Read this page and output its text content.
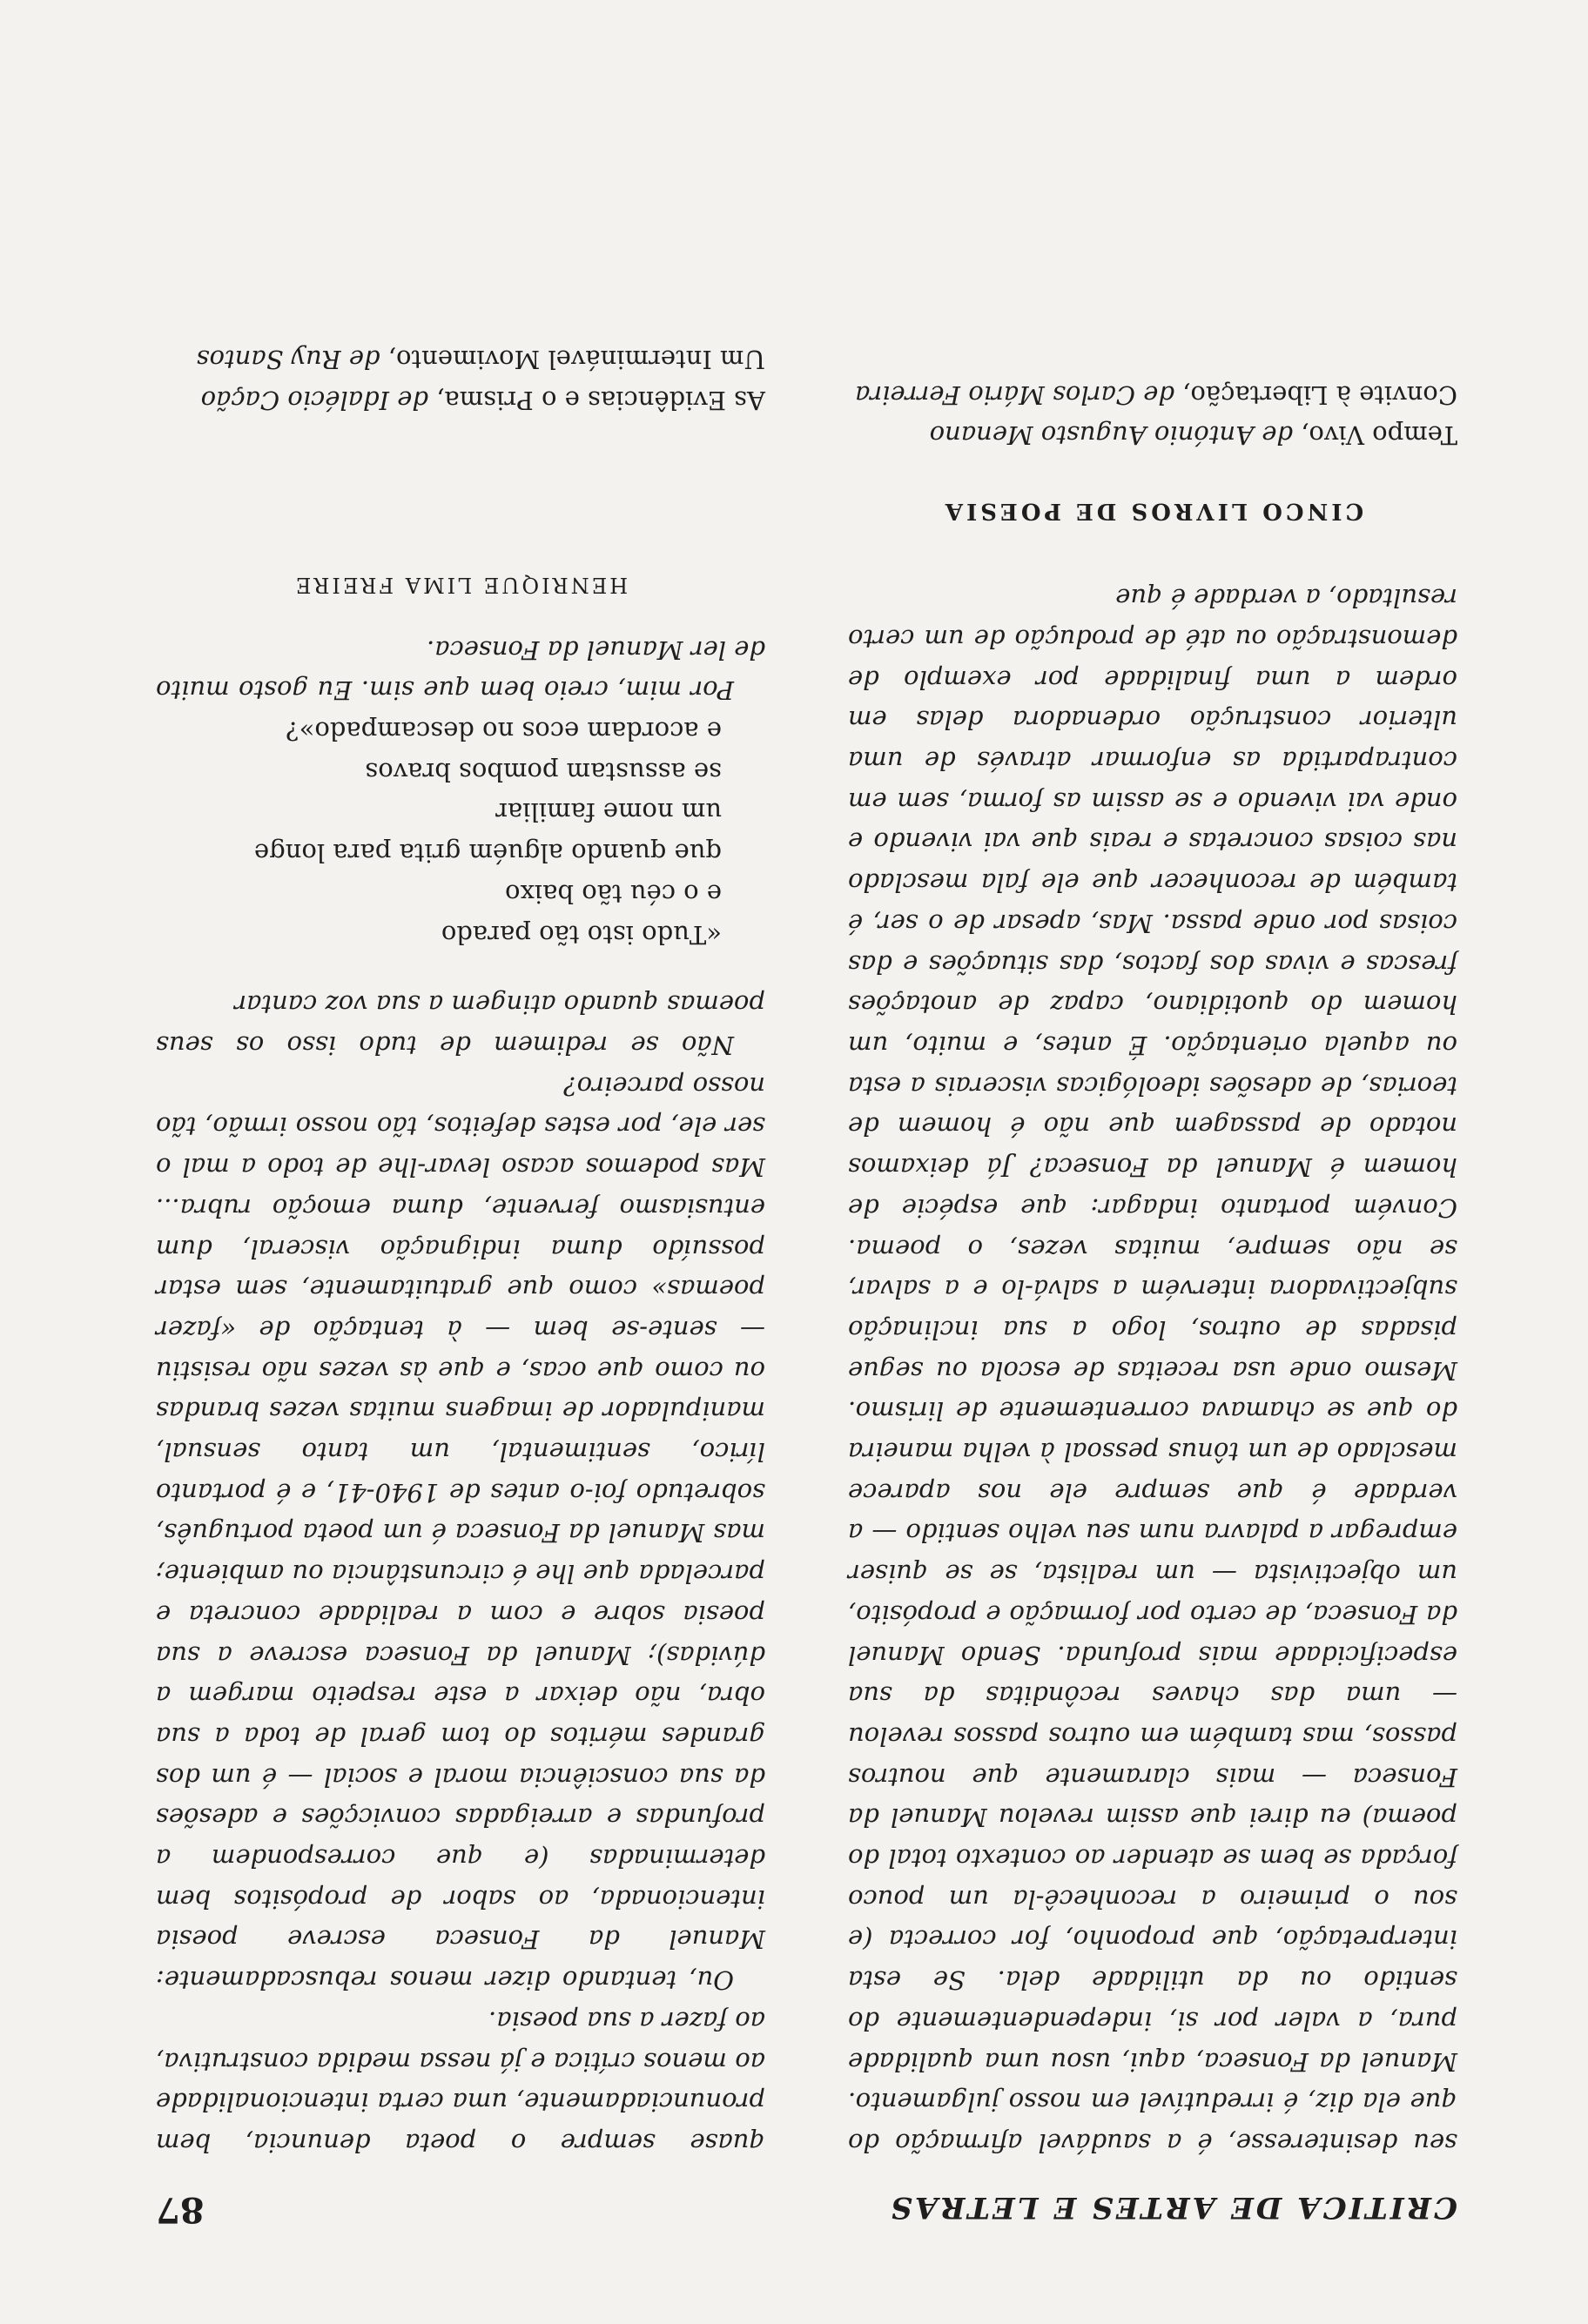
CRITICA DE ARTES E LETRAS
87

seu desinteresse, é a saudável afirmação do que ela diz, é irredutível em nosso julgamento. Manuel da Fonseca, aqui, usou uma qualidade pura, a valer por si, independentemente do sentido ou da utilidade dela. Se esta interpretação, que proponho, for correcta (e sou o primeiro a reconhecê-la um pouco forçada se bem se atender ao contexto total do poema) eu direi que assim revelou Manuel da Fonseca — mais claramente que noutros passos, mas também em outros passos revelou — uma das chaves recônditas da sua especificidade mais profunda. Sendo Manuel da Fonseca, de certo por formação e propósito, um objectivista — um realista, se se quiser empregar a palavra num seu velho sentido — a verdade é que sempre ele nos aparece mesclado de um tônus pessoal à velha maneira do que se chamava correntemente de lirismo. Mesmo onde usa receitas de escola ou segue pisadas de outros, logo a sua inclinação subjectivadora intervém a salvá-lo e a salvar, se não sempre, muitas vezes, o poema. Convém portanto indagar: que espécie de homem é Manuel da Fonseca? Já deixamos notado de passagem que não é homem de teorias, de adesões ideológicas viscerais a esta ou aquela orientação. É antes, e muito, um homem do quotidiano, capaz de anotações frescas e vivas dos factos, das situações e das coisas por onde passa. Mas, apesar de o ser, é também de reconhecer que ele fala mesclado nas coisas concretas e reais que vai vivendo e onde vai vivendo e se assim as forma, sem em contrapartida as enformar através de uma ulterior construção ordenadora delas em ordem a uma finalidade por exemplo de demonstração ou até de produção de um certo resultado, a verdade é que

quase sempre o poeta denuncia, bem pronunciadamente, uma certa intencionalidade ao menos crítica e já nessa medida construtiva, ao fazer a sua poesia.

Ou, tentando dizer menos rebuscadamente: Manuel da Fonseca escreve poesia intencionada, ao sabor de propósitos bem determinadas (e que correspondem a profundas e arreigadas convicções e adesões da sua consciência moral e social — é um dos grandes méritos do tom geral de toda a sua obra, não deixar a este respeito margem a dúvidas); Manuel da Fonseca escreve a sua poesia sobre e com a realidade concreta e parcelada que lhe é circunstância ou ambiente; mas Manuel da Fonseca é um poeta português, sobretudo foi-o antes de 1940-41, e é portanto lírico, sentimental, um tanto sensual, manipulador de imagens muitas vezes brandas ou como que ocas, e que às vezes não resistiu — sente-se bem — à tentação de «fazer poemas» como que gratuitamente, sem estar possuído duma indignação visceral, dum entusiasmo fervente, duma emoção rubra... Mas podemos acaso levar-lhe de todo a mal o ser ele, por estes defeitos, tão nosso irmão, tão nosso parceiro?

Não se redimem de tudo isso os seus poemas quando atingem a sua voz cantar

«Tudo isto tão parado
e o céu tão baixo
que quando alguém grita para longe
um nome familiar
se assustam pombos bravos
e acordam ecos no descampado»?

Por mim, creio bem que sim. Eu gosto muito de ler Manuel da Fonseca.

HENRIQUE LIMA FREIRE
CINCO LIVROS DE POESIA
Tempo Vivo, de António Augusto Menano
Convite à Libertação, de Carlos Mário Ferreira
As Evidências e o Prisma, de Idalécio Cação
Um Interminável Movimento, de Ruy Santos
